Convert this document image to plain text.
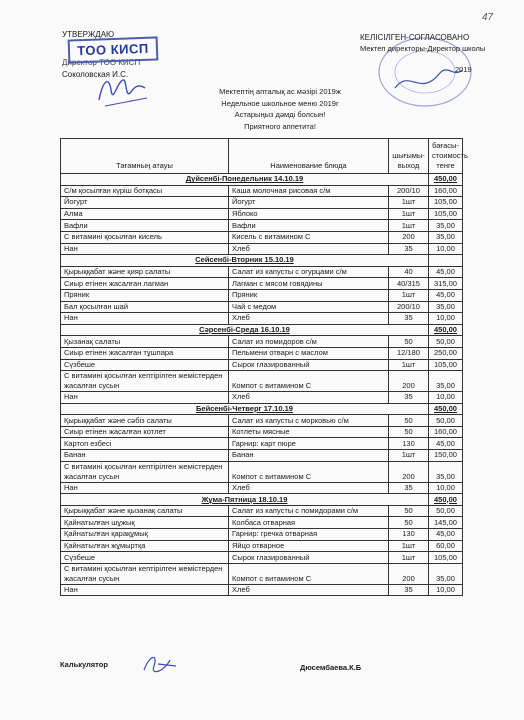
47
УТВЕРЖДАЮ
Директор ТОО КИСП
Соколовская И.С.
ТОО КИСП
КЕЛІСІЛГЕН-СОГЛАСОВАНО
Мектеп директоры-Директор школы
2019
Мектептің апталық ас мәзірі 2019ж
Недельное школьное меню 2019г
Астарыңыз дәмді болсын!
Приятного аппетита!
Тағамның атауы	Наименование блюда	шығымы- выход	бағасы-стоимость тенге
Дүйсенбі-Понедельник 14.10.19			450,00
С/м қосылған күріш ботқасы	Каша молочная рисовая с/м	200/10	160,00
Йогурт	Йогурт	1шт	105,00
Алма	Яблоко	1шт	105,00
Вафли	Вафли	1шт	35,00
С витамині қосылған кисель	Кисель с витамином С	200	35,00
Нан	Хлеб	35	10,00
Сейсенбі-Вторник 15.10.19			
Қырыққабат және қияр салаты	Салат из капусты с огурцами с/м	40	45,00
Сиыр етінен жасалған лагман	Лагман с мясом говядины	40/315	315,00
Пряник	Пряник	1шт	45,00
Бал қосылған шай	Чай с медом	200/10	35,00
Нан	Хлеб	35	10,00
Сәрсенбі-Среда 16.10.19			450,00
Қызанақ салаты	Салат из помидоров с/м	50	50,00
Сиыр етінен жасалған тұшпара	Пельмени отварн с маслом	12/180	250,00
Сүзбеше	Сырок глазированный	1шт	105,00
С витамині қосылған кептірілген жемістерден жасалған сусын	Компот с витамином С	200	35,00
Нан	Хлеб	35	10,00
Бейсенбі-Четверг 17.10.19			450,00
Қырыққабат және сәбіз салаты	Салат из капусты с морковью с/м	50	50,00
Сиыр етінен жасалған котлет	Котлеты мясные	50	160,00
Картоп езбесі	Гарнир: карт пюре	130	45,00
Банан	Банан	1шт	150,00
С витамині қосылған кептірілген жемістерден жасалған сусын	Компот с витамином С	200	35,00
Нан	Хлеб	35	10,00
Жұма-Пятница 18.10.19			450,00
Қырыққабат және қызанақ салаты	Салат из капусты с помидорами с/м	50	50,00
Қайнатылған шұжық	Колбаса отварная	50	145,00
Қайнатылған қарақұмық	Гарнир: гречка отварная	130	45,00
Қайнатылған жұмыртқа	Яйцо отварное	1шт	60,00
Сүзбеше	Сырок глазированный	1шт	105,00
С витамині қосылған кептірілген жемістерден жасалған сусын	Компот с витамином С	200	35,00
Нан	Хлеб	35	10,00
Калькулятор	Дюсембаева.К.Б
